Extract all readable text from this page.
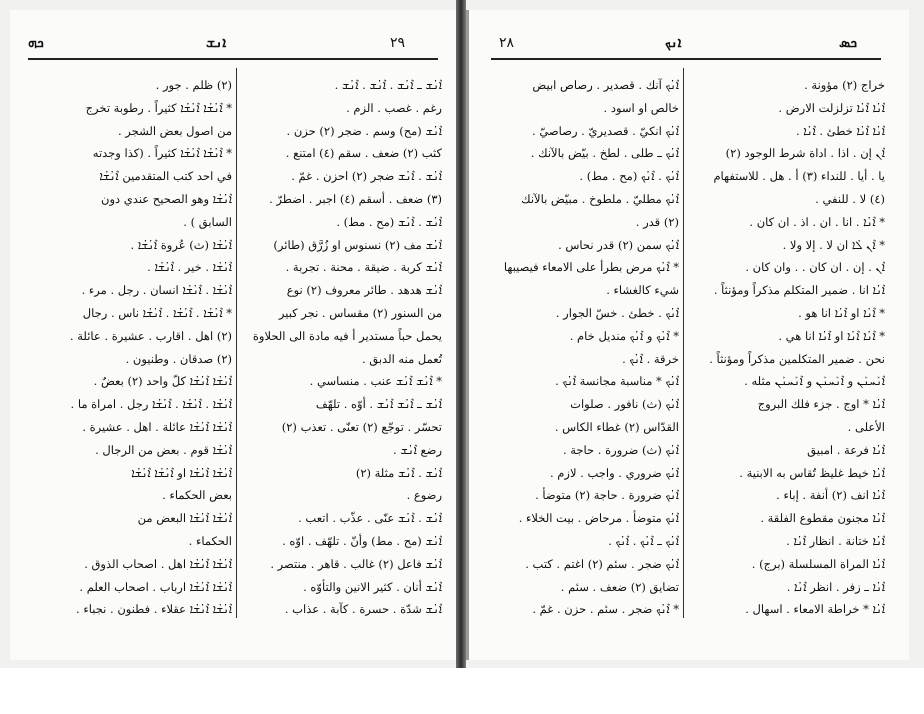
ܟܗ	ܐܢܫ	٢٩
(٢) ظلم . جور .
* ܐܶܢܳܫܳܐ ܐܶܢܳܫܳܐ كثيراً . رطوبة تخرج
من اصول بعض الشجر .
* ܐܶܢܳܫܳܐ ܐܶܢܳܫܳܐ كثيراً . (كذا وجدته
في احد كتب المتقدمين ܐܶܢܳܫܳܐ
ܐܶܢܳܫܳܐ وهو الصحيح عندي دون
السابق ) .
ܐܶܢܳܫܳܐ (ث) عُروة ܐܶܢܳܫܳܐ .
ܐܶܢܳܫܳܐ . خير . ܐܶܢܳܫܳܐ .
ܐܶܢܳܫܳܐ . ܐܶܢܳܫܳܐ انسان . رجل . مرء .
* ܐܶܢܳܫܳܐ . ܐܶܢܳܫܳܐ . ܐܶܢܳܫܳܐ ناس . رجال
(٢) اهل . اقارب . عشيرة . عائلة .
(٢) صدقان . وطنيون .
ܐܶܢܳܫܳܐ ܐܶܢܳܫܳܐ كلّ واحد (٢) بعضٌ .
ܐܶܢܳܫܳܐ . ܐܶܢܳܫܳܐ . ܐܶܢܳܫܳܐ رجل . امراة ما .
ܐܶܢܳܫܳܐ ܐܶܢܳܫܳܐ عائلة . اهل . عشيرة .
ܐܶܢܳܫܳܐ قوم . بعض من الرجال .
ܐܶܢܳܫܳܐ ܐܶܢܳܫܳܐ او ܐܶܢܳܫܳܐ ܐܶܢܳܫܳܐ
بعض الحكماء .
ܐܶܢܳܫܳܐ ܐܶܢܳܫܳܐ البعض من
الحكماء .
ܐܶܢܳܫܳܐ ܐܶܢܳܫܳܐ اهل . اصحاب الذوق .
ܐܶܢܳܫܳܐ ܐܶܢܳܫܳܐ ارباب . اصحاب العلم .
ܐܶܢܳܫܳܐ ܐܶܢܳܫܳܐ عقلاء . فطنون . نجباء .
ܐܶܢܳܫ ـ ܐܶܢܳܫ . ܐܶܢܳܫ . ܐܶܢܳܫ .
رغم . غصب . الزم .
ܐܶܢܳܫ (مح) وسم . ضجر (٢) حزن .
كثب (٢) ضعف . سقم (٤) امتنع .
ܐܶܢܳܫ . ܐܶܢܳܫ ضجر (٢) احزن . غمّ .
(٣) ضعف . أسقم (٤) اجبر . اضطرّ .
ܐܶܢܳܫ . ܐܶܢܳܫ (مح . مط) .
ܐܶܢܳܫ مف (٢) نسنوس او زُرَّق (طائر)
ܐܶܢܳܫ كربة . ضيقة . محنة . تجربة .
ܐܶܢܳܫ هدهد . طائر معروف (٢) نوع
من السنور (٢) مقساس . نجر كبير
يحمل حباً مستدير أ فيه مادة الى الحلاوة
تُعمل منه الدبق .
* ܐܶܢܳܫ ܐܶܢܳܫ عنب . منساسي .
ܐܶܢܳܫ ـ ܐܶܢܳܫ ܐܶܢܳܫ . أوّه . تلهّف
تحسّر . توجّع (٢) تعنّى . تعذب (٢)
رضع ܐܶܢܳܫ .
ܐܶܢܳܫ . ܐܶܢܳܫ مثلة (٢)
رضوع .
ܐܶܢܳܫ . ܐܶܢܳܫ عنّى . عذّب . اتعب .
ܐܶܢܳܫ (مح . مط) وأنّ . تلهّف . اوّه .
ܐܶܢܳܫ فاعل (٢) غالب . قاهر . منتصر .
ܐܶܢܳܫ أنان . كثير الانين والتأوّه .
ܐܶܢܳܫ شدّة . حسرة . كآبة . عذاب .
٢٨	ܐܢܟ	ܟܣ
ܐܶܢܳܟ آنك . قصدير . رصاص ابيض
خالص او اسود .
ܐܶܢܳܟ انكيّ . قصديريّ . رصاصيّ .
ܐܶܢܳܟ ـ طلى . لطخ . بيّض بالآنك .
ܐܶܢܳܟ . ܐܶܢܳܟ (مح . مط) .
ܐܶܢܳܟ مطليّ . ملطوخ . مبيّض بالآنك
(٢) قدر .
ܐܶܢܳܟ سمن (٢) قدر نحاس .
* ܐܶܢܳܟ مرض بطرأ على الامعاء فيصيبها
شيء كالغشاء .
ܐܶܢܳܟ . خطئ . خسّ الجوار .
* ܐܶܢܳܟ و ܐܶܢܳܟ منديل خام .
خرقة . ܐܶܢܳܟ .
ܐܶܢܳܟ * مناسبة مجانسة ܐܶܢܳܟ .
ܐܶܢܳܟ (ث) نافور . صلوات
القدّاس (٢) غطاء الكاس .
ܐܶܢܳܟ (ث) ضرورة . حاجة .
ܐܶܢܳܟ ضروري . واجب . لازم .
ܐܶܢܳܟ ضرورة . حاجة (٢) متوضأ .
ܐܶܢܳܟ متوضأ . مرحاض . بيت الخلاء .
ܐܶܢܳܟ ـ ܐܶܢܳܟ . ܐܶܢܳܟ .
ܐܶܢܳܟ ضجر . سئم (٢) اغتم . كتب .
تضايق (٢) ضعف . سئم .
* ܐܶܢܳܟ ضجر . سئم . حزن . غمّ .
خراج (٢) مؤونة .
ܐܶܢܳܐ ܐܶܢܳܐ تزلزلت الارض .
ܐܶܢܳܐ ܐܶܢܳܐ خطئ . ܐܶܢܳܐ .
ܐܶܢ إن . اذا . اداة شرط الوجود (٢)
يا . أيا . للنداء (٣) أ . هل . للاستفهام
(٤) لا . للنفي .
* ܐܶܢܳܐ . انا . ان . اذ . ان كان .
* ܐܶܢ ܠܳܐ ان لا . إلا ولا .
ܐܶܢ . إن . ان كان . . وان كان .
ܐܶܢܳܐ انا . ضمير المتكلم مذكراً ومؤنثاً .
* ܐܶܢܳܐ او ܐܶܢܳܐ انا هو .
* ܐܶܢܳܐ ܐܶܢܳܐ او ܐܶܢܳܐ انا هي .
نحن . ضمير المتكلمين مذكراً ومؤنثاً .
ܐܶܢܰܚܢܰܢ و ܐܶܢܰܚܢܰܢ و ܐܶܢܰܚܢܰܢ مثله .
ܐܶܢܳܐ * اوج . جزء فلك البروج
الأعلى .
ܐܶܢܳܐ فرعة . امبيق
ܐܶܢܳܐ خيط غليظ تُقاس به الابنية .
ܐܶܢܳܐ انف (٢) أنفة . إباء .
ܐܶܢܳܐ مجنون مقطوع الفلقة .
ܐܶܢܳܐ ختانة . انظار ܐܶܢܳܐ .
ܐܶܢܳܐ المراة المسلسلة (برج) .
ܐܶܢܳܐ ـ زفر . انظر ܐܶܢܳܐ .
ܐܶܢܳܐ * خراطة الامعاء . اسهال .
